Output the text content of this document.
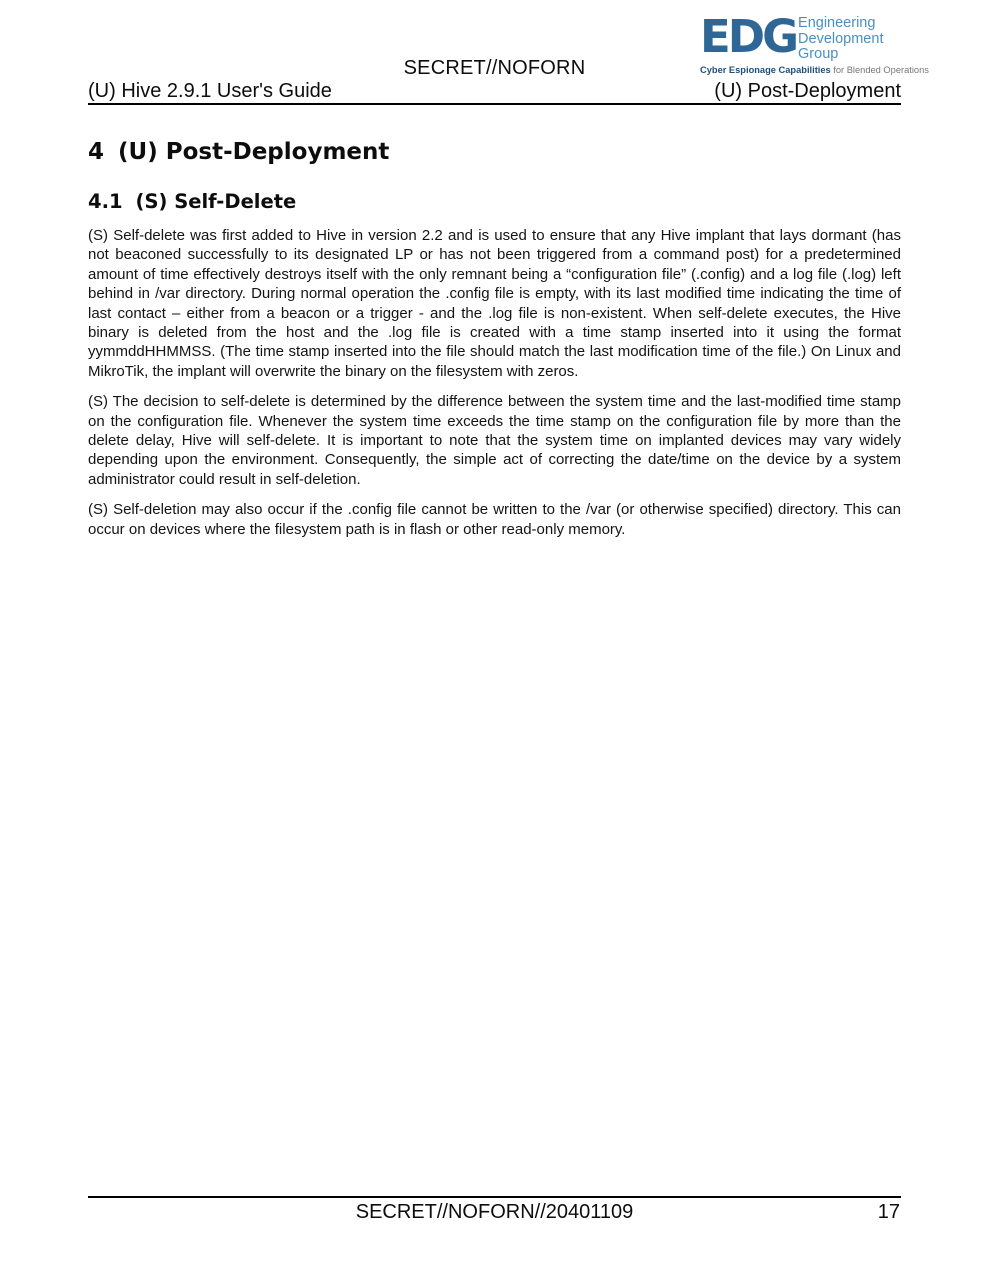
SECRET//NOFORN
EDG Engineering
Development
Group
Cyber Espionage Capabilities for Blended Operations
(U) Hive 2.9.1 User's Guide	(U) Post-Deployment
4 (U) Post-Deployment
4.1 (S) Self-Delete

(S) Self-delete was first added to Hive in version 2.2 and is used to ensure that any Hive implant that lays dormant (has not beaconed successfully to its designated LP or has not been triggered from a command post) for a predetermined amount of time effectively destroys itself with the only remnant being a “configuration file” (.config) and a log file (.log) left behind in /var directory. During normal operation the .config file is empty, with its last modified time indicating the time of last contact – either from a beacon or a trigger - and the .log file is non-existent. When self-delete executes, the Hive binary is deleted from the host and the .log file is created with a time stamp inserted into it using the format yymmddHHMMSS. (The time stamp inserted into the file should match the last modification time of the file.) On Linux and MikroTik, the implant will overwrite the binary on the filesystem with zeros.

(S) The decision to self-delete is determined by the difference between the system time and the last-modified time stamp on the configuration file. Whenever the system time exceeds the time stamp on the configuration file by more than the delete delay, Hive will self-delete. It is important to note that the system time on implanted devices may vary widely depending upon the environment. Consequently, the simple act of correcting the date/time on the device by a system administrator could result in self-deletion.

(S) Self-deletion may also occur if the .config file cannot be written to the /var (or otherwise specified) directory. This can occur on devices where the filesystem path is in flash or other read-only memory.

SECRET//NOFORN//20401109	17
